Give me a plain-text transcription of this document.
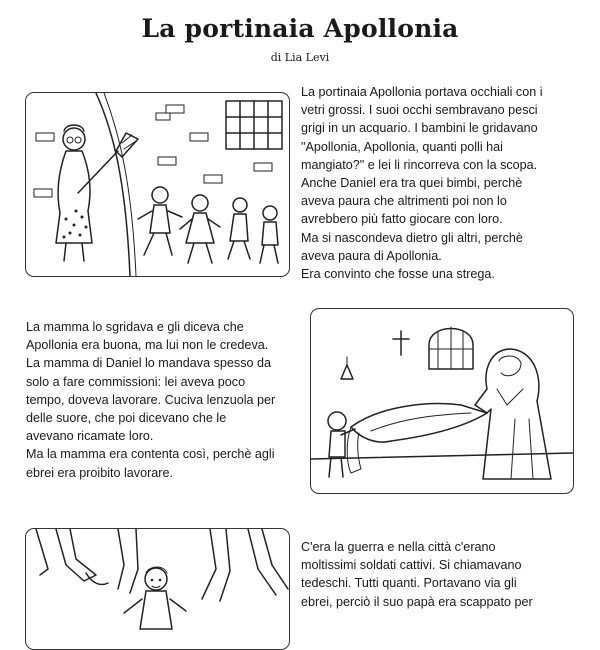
La portinaia Apollonia
di Lia Levi
La portinaia Apollonia portava occhiali con i
vetri grossi. I suoi occhi sembravano pesci
grigi in un acquario. I bambini le gridavano
"Apollonia, Apollonia, quanti polli hai
mangiato?" e lei li rincorreva con la scopa.
Anche Daniel era tra quei bimbi, perchè
aveva paura che altrimenti poi non lo
avrebbero più fatto giocare con loro.
Ma si nascondeva dietro gli altri, perchè
aveva paura di Apollonia.
Era convinto che fosse una strega.
La mamma lo sgridava e gli diceva che
Apollonia era buona, ma lui non le credeva.
La mamma di Daniel lo mandava spesso da
solo a fare commissioni: lei aveva poco
tempo, doveva lavorare. Cuciva lenzuola per
delle suore, che poi dicevano che le
avevano ricamate loro.
Ma la mamma era contenta così, perchè agli
ebrei era proibito lavorare.
C'era la guerra e nella città c'erano
moltissimi soldati cattivi. Si chiamavano
tedeschi. Tutti quanti. Portavano via gli
ebrei, perciò il suo papà era scappato per
